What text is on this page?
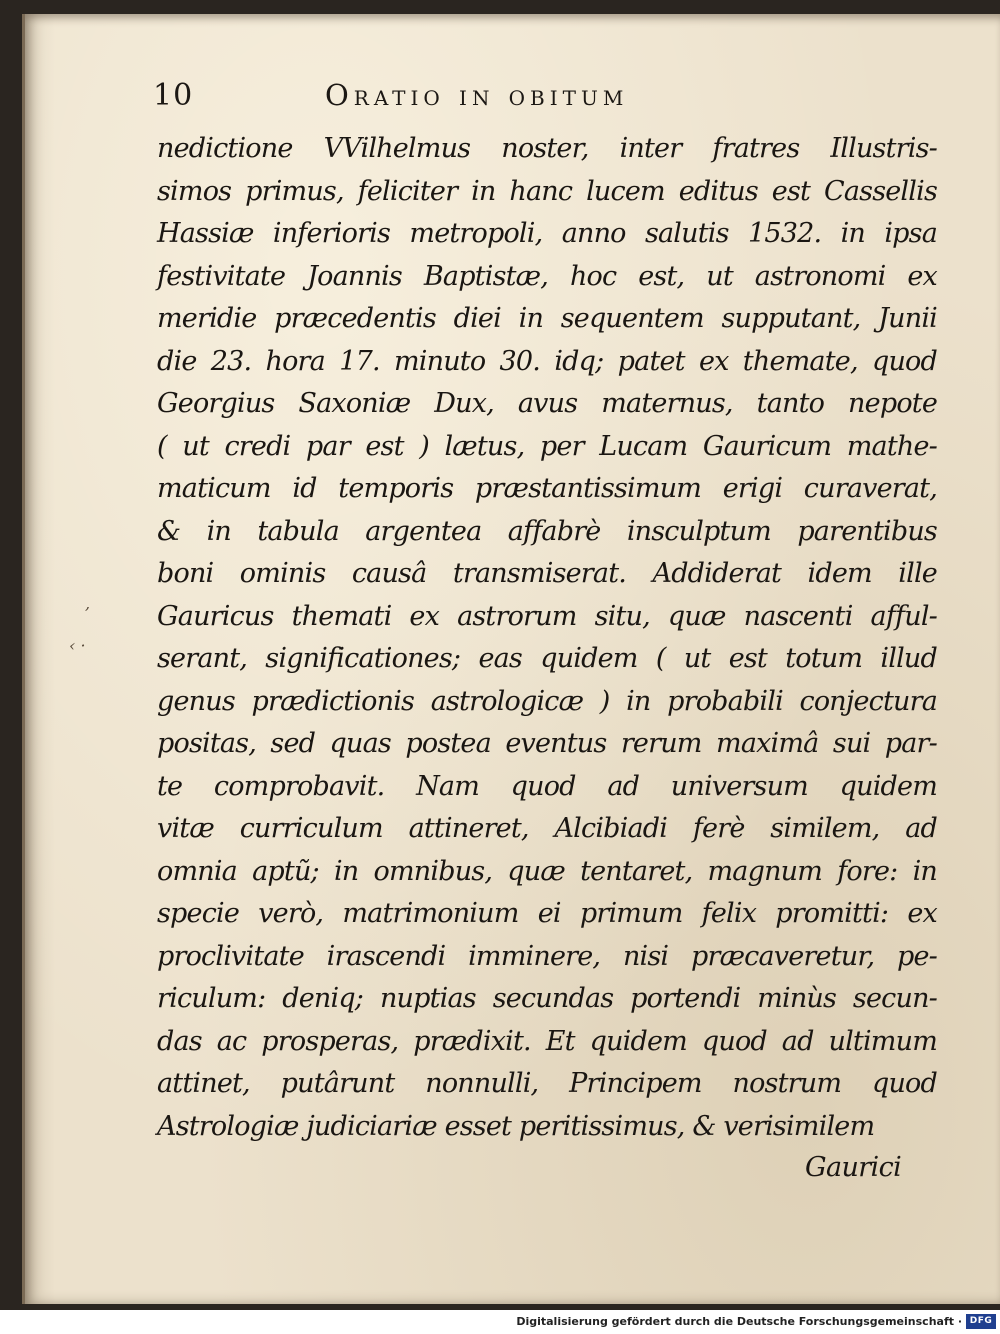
10	Oratio in obitum
,
‹ ·
nedictione VVilhelmus noster, inter fratres Illustris-
simos primus, feliciter in hanc lucem editus est Cassellis
Hassiæ inferioris metropoli, anno salutis 1532. in ipsa
festivitate Joannis Baptistæ, hoc est, ut astronomi ex
meridie præcedentis diei in sequentem supputant, Junii
die 23. hora 17. minuto 30. idq; patet ex themate, quod
Georgius Saxoniæ Dux, avus maternus, tanto nepote
( ut credi par est ) lætus, per Lucam Gauricum mathe-
maticum id temporis præstantissimum erigi curaverat,
& in tabula argentea affabrè insculptum parentibus
boni ominis causâ transmiserat. Addiderat idem ille
Gauricus themati ex astrorum situ, quæ nascenti afful-
serant, significationes; eas quidem ( ut est totum illud
genus prædictionis astrologicæ ) in probabili conjectura
positas, sed quas postea eventus rerum maximâ sui par-
te comprobavit. Nam quod ad universum quidem
vitæ curriculum attineret, Alcibiadi ferè similem, ad
omnia aptũ; in omnibus, quæ tentaret, magnum fore: in
specie verò, matrimonium ei primum felix promitti: ex
proclivitate irascendi imminere, nisi præcaveretur, pe-
riculum: deniq; nuptias secundas portendi minùs secun-
das ac prosperas, prædixit. Et quidem quod ad ultimum
attinet, putârunt nonnulli, Principem nostrum quod
Astrologiæ judiciariæ esset peritissimus, & verisimilem
Gaurici
Digitalisierung gefördert durch die Deutsche Forschungsgemeinschaft · DFG
